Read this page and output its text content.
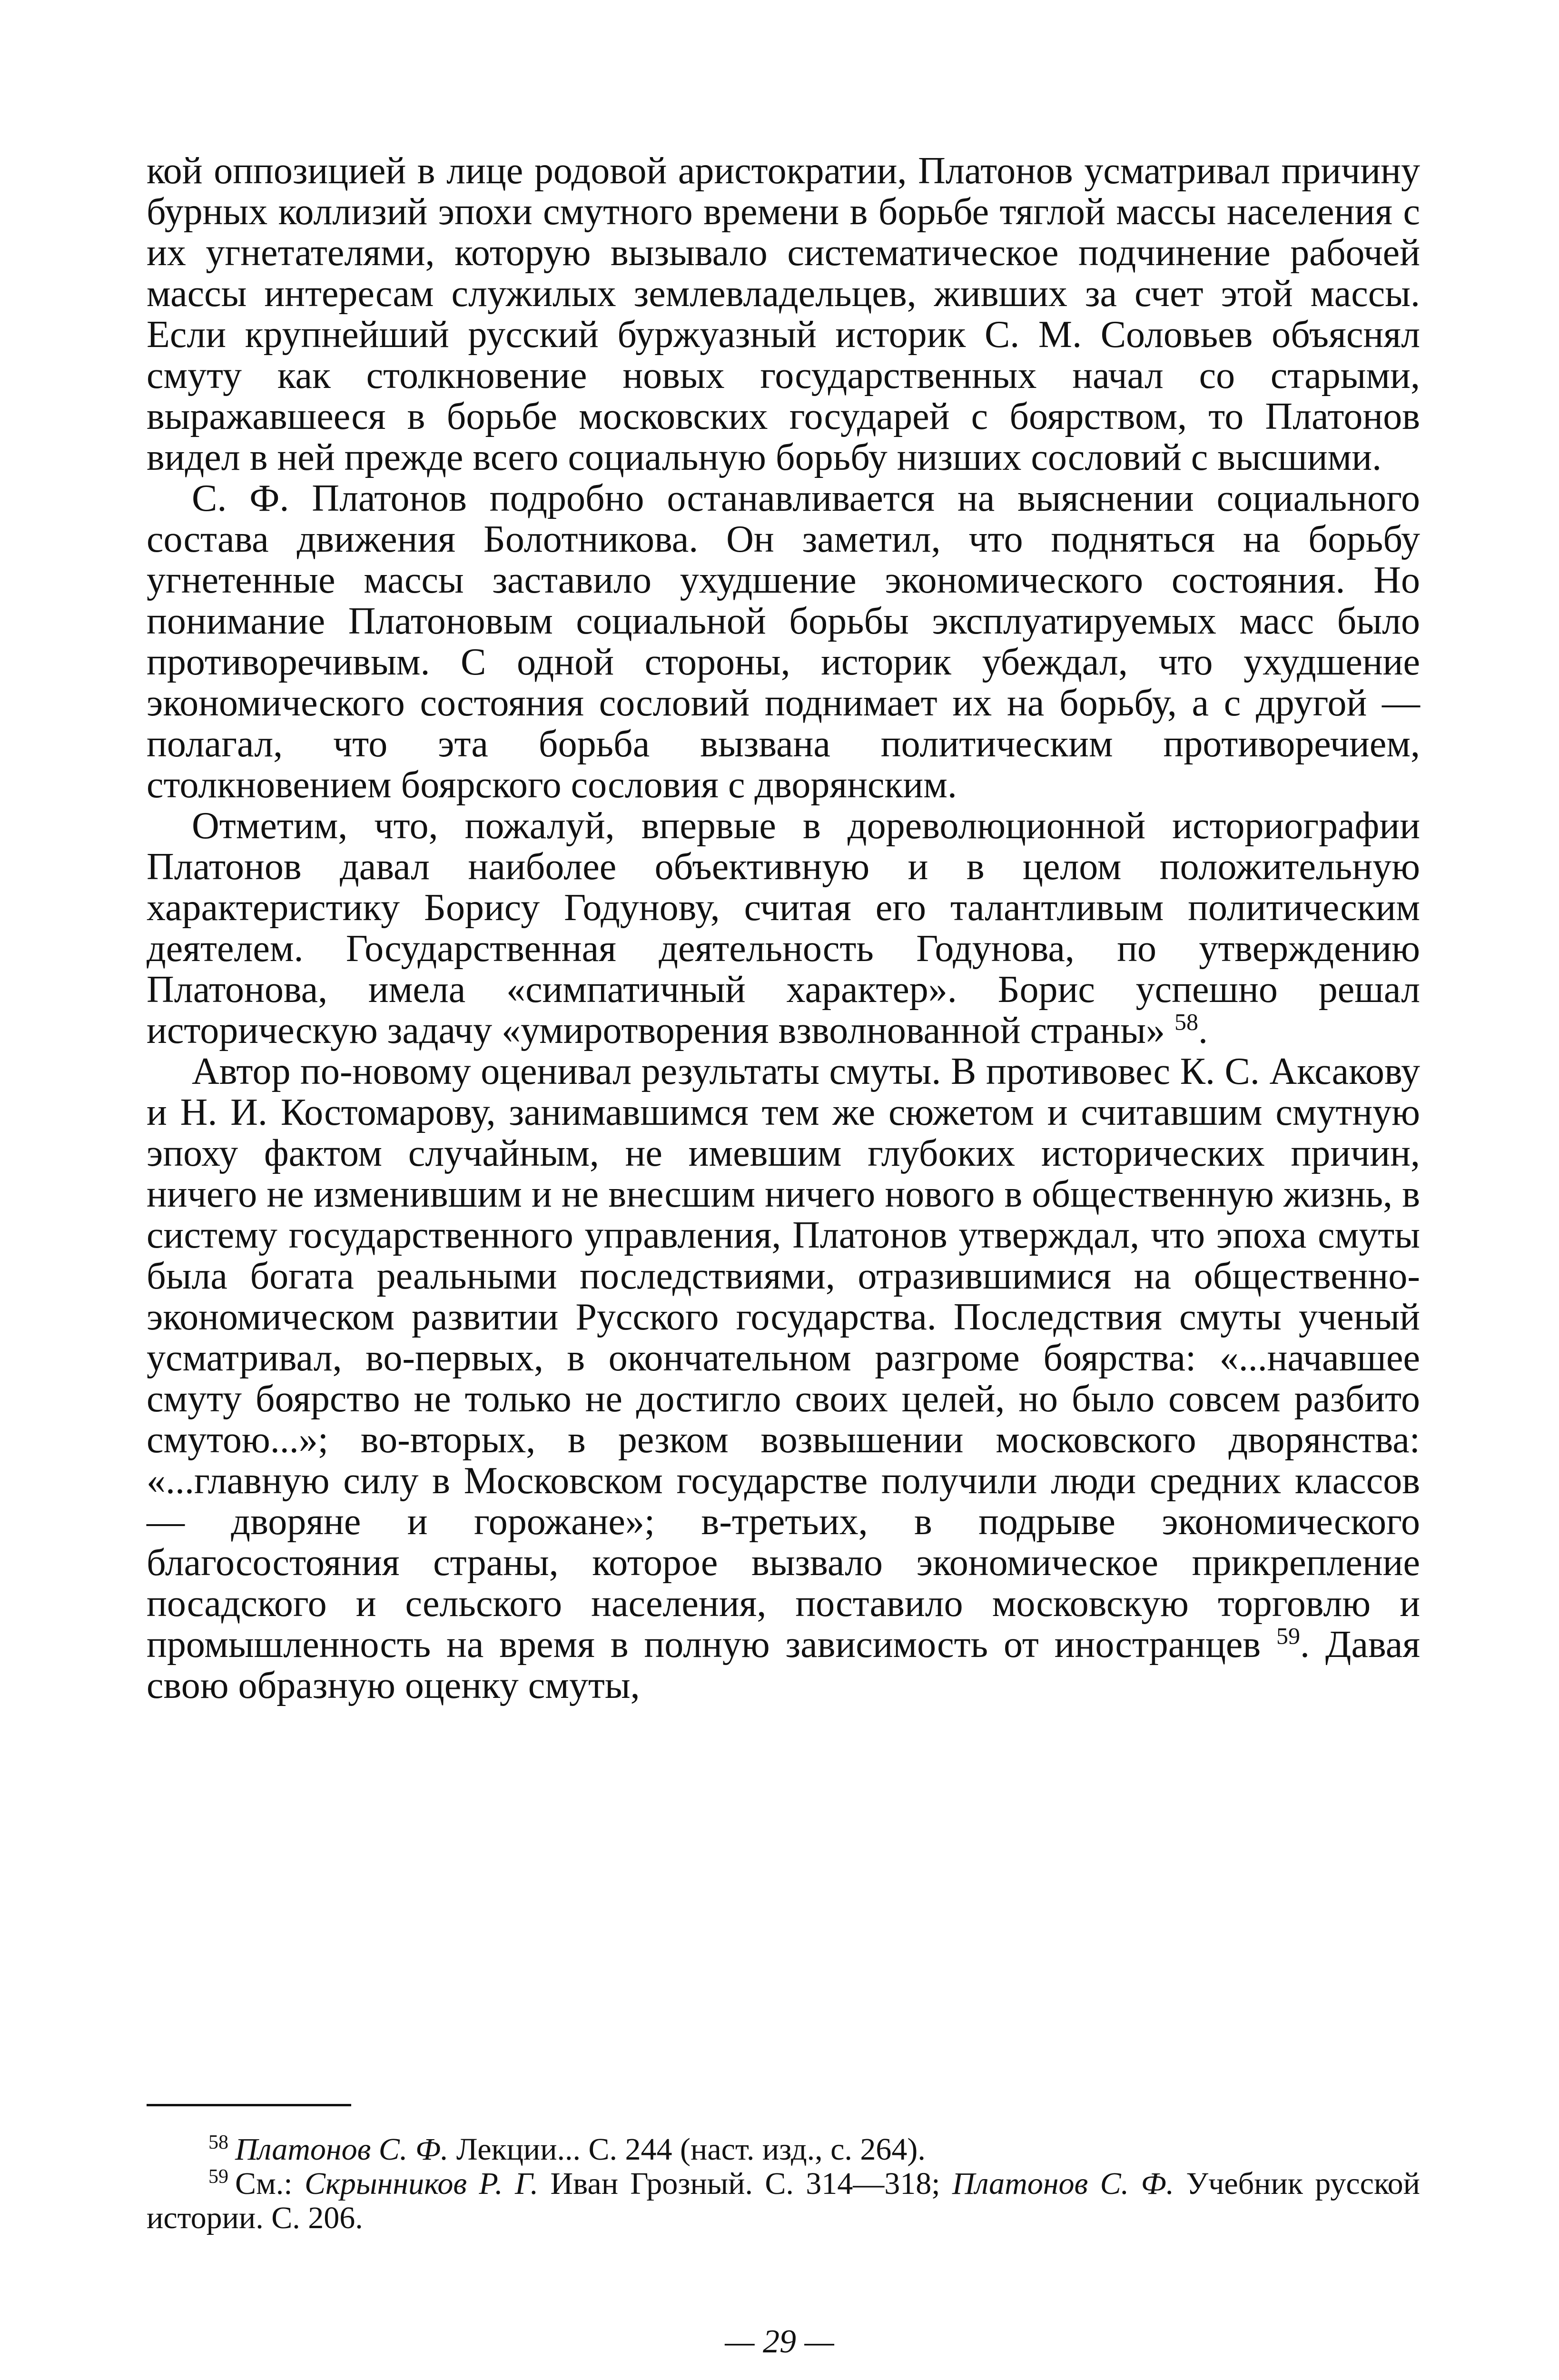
кой оппозицией в лице родовой аристократии, Платонов усматривал причину бурных коллизий эпохи смутного времени в борьбе тяглой массы населения с их угнетателями, которую вызывало систематическое подчинение рабочей массы интересам служилых землевладельцев, живших за счет этой массы. Если крупнейший русский буржуазный историк С. М. Соловьев объяснял смуту как столкновение новых государственных начал со старыми, выражавшееся в борьбе московских государей с боярством, то Платонов видел в ней прежде всего социальную борьбу низших сословий с высшими.

С. Ф. Платонов подробно останавливается на выяснении социального состава движения Болотникова. Он заметил, что подняться на борьбу угнетенные массы заставило ухудшение экономического состояния. Но понимание Платоновым социальной борьбы эксплуатируемых масс было противоречивым. С одной стороны, историк убеждал, что ухудшение экономического состояния сословий поднимает их на борьбу, а с другой — полагал, что эта борьба вызвана политическим противоречием, столкновением боярского сословия с дворянским.

Отметим, что, пожалуй, впервые в дореволюционной историографии Платонов давал наиболее объективную и в целом положительную характеристику Борису Годунову, считая его талантливым политическим деятелем. Государственная деятельность Годунова, по утверждению Платонова, имела «симпатичный характер». Борис успешно решал историческую задачу «умиротворения взволнованной страны» $^{58}$.

Автор по-новому оценивал результаты смуты. В противовес К. С. Аксакову и Н. И. Костомарову, занимавшимся тем же сюжетом и считавшим смутную эпоху фактом случайным, не имевшим глубоких исторических причин, ничего не изменившим и не внесшим ничего нового в общественную жизнь, в систему государственного управления, Платонов утверждал, что эпоха смуты была богата реальными последствиями, отразившимися на общественно-экономическом развитии Русского государства. Последствия смуты ученый усматривал, во-первых, в окончательном разгроме боярства: «...начавшее смуту боярство не только не достигло своих целей, но было совсем разбито смутою...»; во-вторых, в резком возвышении московского дворянства: «...главную силу в Московском государстве получили люди средних классов — дворяне и горожане»; в-третьих, в подрыве экономического благосостояния страны, которое вызвало экономическое прикрепление посадского и сельского населения, поставило московскую торговлю и промышленность на время в полную зависимость от иностранцев $^{59}$. Давая свою образную оценку смуты,

$^{58}$ Платонов С. Ф. Лекции... С. 244 (наст. изд., с. 264).

$^{59}$ См.: Скрынников Р. Г. Иван Грозный. С. 314—318; Платонов С. Ф. Учебник русской истории. С. 206.

— 29 —
